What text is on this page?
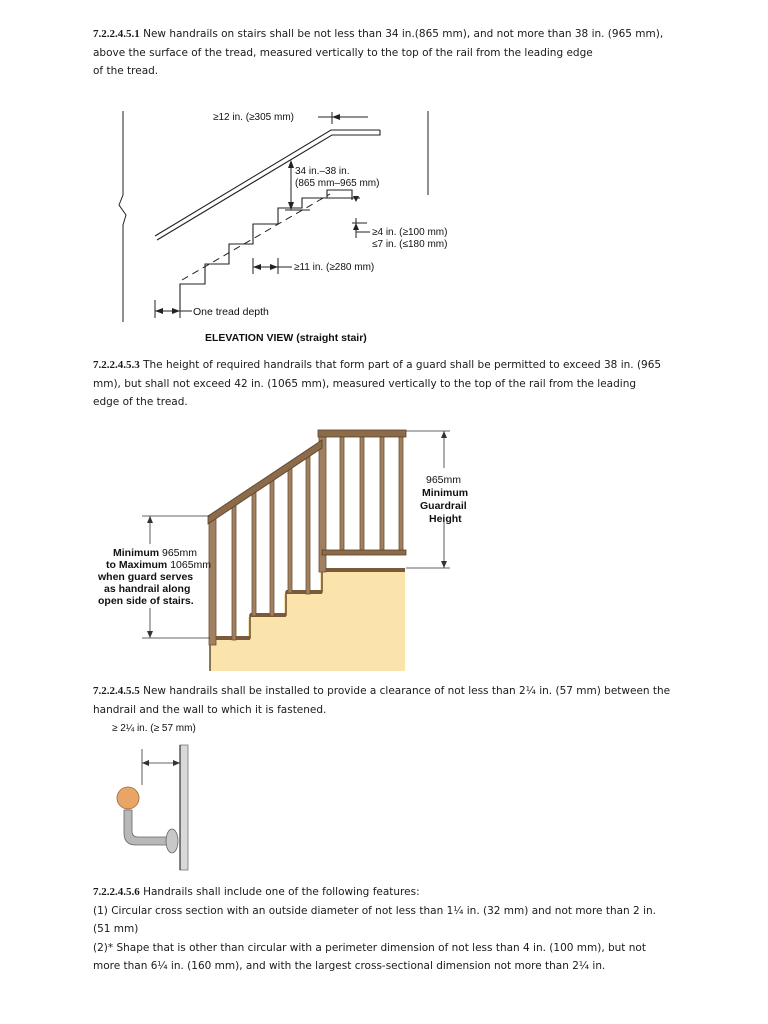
7.2.2.4.5.1 New handrails on stairs shall be not less than 34 in.(865 mm), and not more than 38 in. (965 mm),
above the surface of the tread, measured vertically to the top of the rail from the leading edge
of the tread.
≥12 in. (≥305 mm)
34 in.–38 in.
(865 mm–965 mm)
≥4 in. (≥100 mm)
≤7 in. (≤180 mm)
≥11 in. (≥280 mm)
One tread depth
ELEVATION VIEW (straight stair)
7.2.2.4.5.3 The height of required handrails that form part of a guard shall be permitted to exceed 38 in. (965
mm), but shall not exceed 42 in. (1065 mm), measured vertically to the top of the rail from the leading
edge of the tread.
965mm
Minimum
Guardrail
Height
Minimum 965mm
to Maximum 1065mm
when guard serves
as handrail along
open side of stairs.
7.2.2.4.5.5 New handrails shall be installed to provide a clearance of not less than 2¼ in. (57 mm) between the
handrail and the wall to which it is fastened.
≥ 2¼ in. (≥ 57 mm)
7.2.2.4.5.6 Handrails shall include one of the following features:
(1) Circular cross section with an outside diameter of not less than 1¼ in. (32 mm) and not more than 2 in.
(51 mm)
(2)* Shape that is other than circular with a perimeter dimension of not less than 4 in. (100 mm), but not
more than 6¼ in. (160 mm), and with the largest cross-sectional dimension not more than 2¼ in.
